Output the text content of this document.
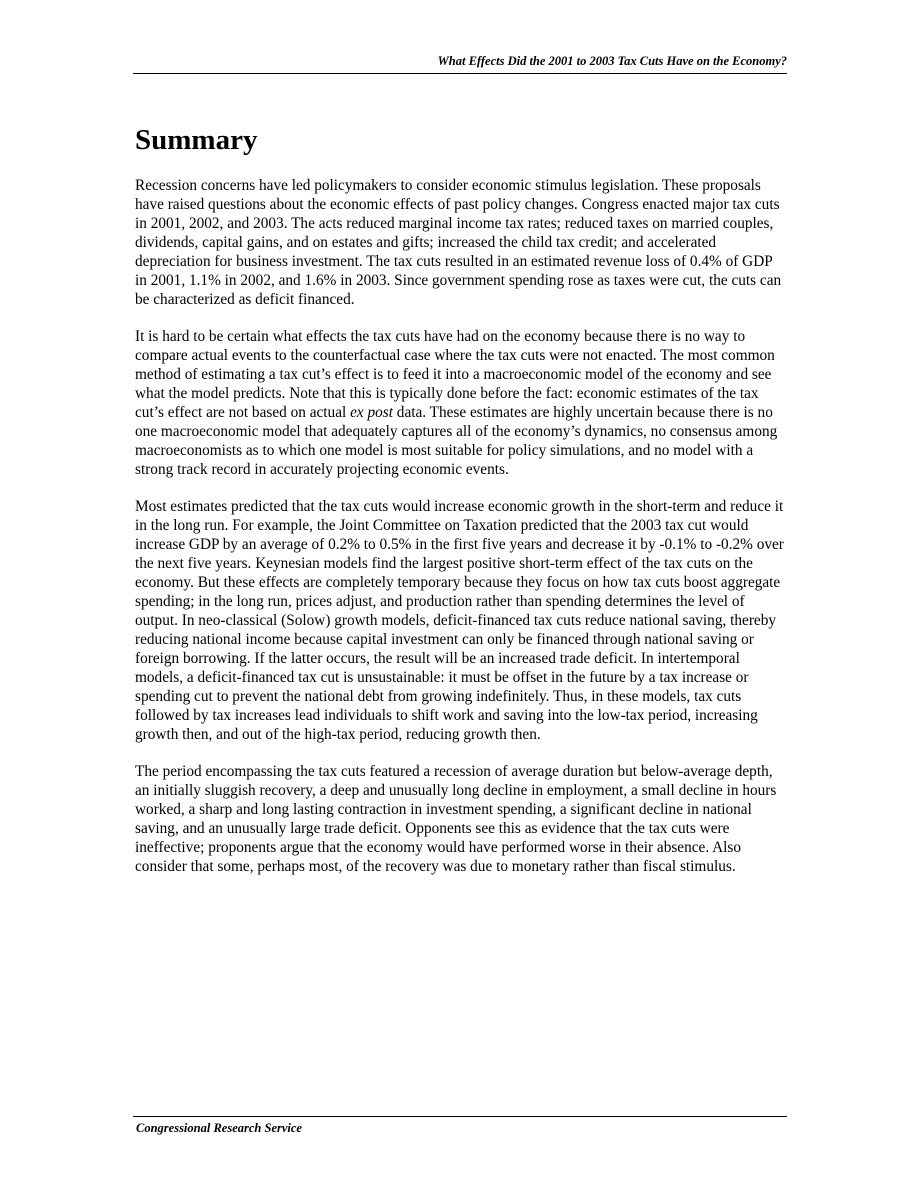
What Effects Did the 2001 to 2003 Tax Cuts Have on the Economy?
Summary

Recession concerns have led policymakers to consider economic stimulus legislation. These proposals have raised questions about the economic effects of past policy changes. Congress enacted major tax cuts in 2001, 2002, and 2003. The acts reduced marginal income tax rates; reduced taxes on married couples, dividends, capital gains, and on estates and gifts; increased the child tax credit; and accelerated depreciation for business investment. The tax cuts resulted in an estimated revenue loss of 0.4% of GDP in 2001, 1.1% in 2002, and 1.6% in 2003. Since government spending rose as taxes were cut, the cuts can be characterized as deficit financed.

It is hard to be certain what effects the tax cuts have had on the economy because there is no way to compare actual events to the counterfactual case where the tax cuts were not enacted. The most common method of estimating a tax cut’s effect is to feed it into a macroeconomic model of the economy and see what the model predicts. Note that this is typically done before the fact: economic estimates of the tax cut’s effect are not based on actual ex post data. These estimates are highly uncertain because there is no one macroeconomic model that adequately captures all of the economy’s dynamics, no consensus among macroeconomists as to which one model is most suitable for policy simulations, and no model with a strong track record in accurately projecting economic events.

Most estimates predicted that the tax cuts would increase economic growth in the short-term and reduce it in the long run. For example, the Joint Committee on Taxation predicted that the 2003 tax cut would increase GDP by an average of 0.2% to 0.5% in the first five years and decrease it by -0.1% to -0.2% over the next five years. Keynesian models find the largest positive short-term effect of the tax cuts on the economy. But these effects are completely temporary because they focus on how tax cuts boost aggregate spending; in the long run, prices adjust, and production rather than spending determines the level of output. In neo-classical (Solow) growth models, deficit-financed tax cuts reduce national saving, thereby reducing national income because capital investment can only be financed through national saving or foreign borrowing. If the latter occurs, the result will be an increased trade deficit. In intertemporal models, a deficit-financed tax cut is unsustainable: it must be offset in the future by a tax increase or spending cut to prevent the national debt from growing indefinitely. Thus, in these models, tax cuts followed by tax increases lead individuals to shift work and saving into the low-tax period, increasing growth then, and out of the high-tax period, reducing growth then.

The period encompassing the tax cuts featured a recession of average duration but below-average depth, an initially sluggish recovery, a deep and unusually long decline in employment, a small decline in hours worked, a sharp and long lasting contraction in investment spending, a significant decline in national saving, and an unusually large trade deficit. Opponents see this as evidence that the tax cuts were ineffective; proponents argue that the economy would have performed worse in their absence. Also consider that some, perhaps most, of the recovery was due to monetary rather than fiscal stimulus.

Congressional Research Service
